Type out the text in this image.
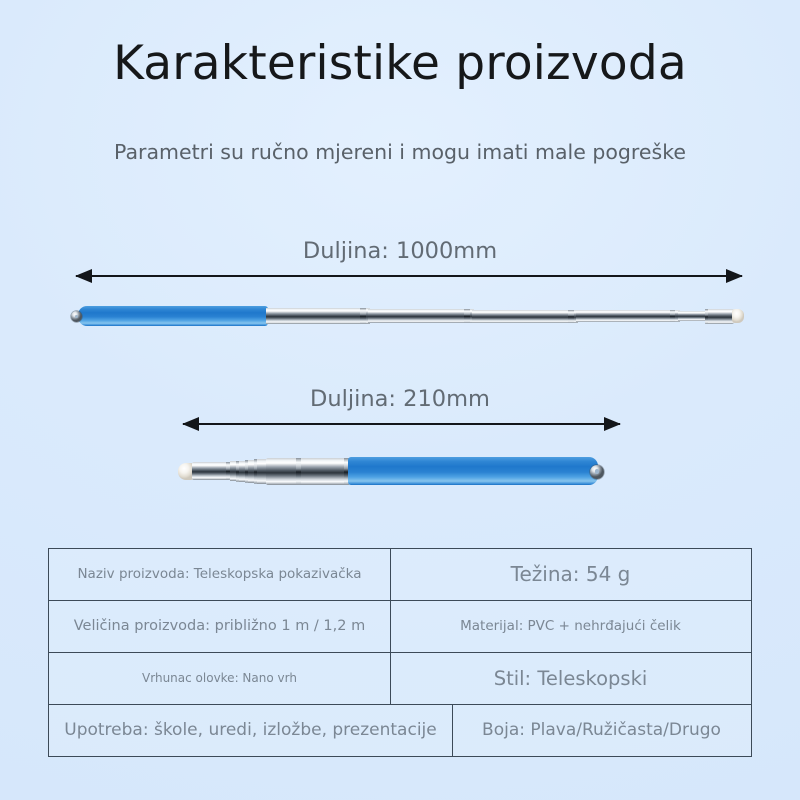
Karakteristike proizvoda
Parametri su ručno mjereni i mogu imati male pogreške
Duljina: 1000mm
Duljina: 210mm
Naziv proizvoda: Teleskopska pokazivačka	Težina: 54 g
Veličina proizvoda: približno 1 m / 1,2 m	Materijal: PVC + nehrđajući čelik
Vrhunac olovke: Nano vrh	Stil: Teleskopski
Upotreba: škole, uredi, izložbe, prezentacije	Boja: Plava/Ružičasta/Drugo
